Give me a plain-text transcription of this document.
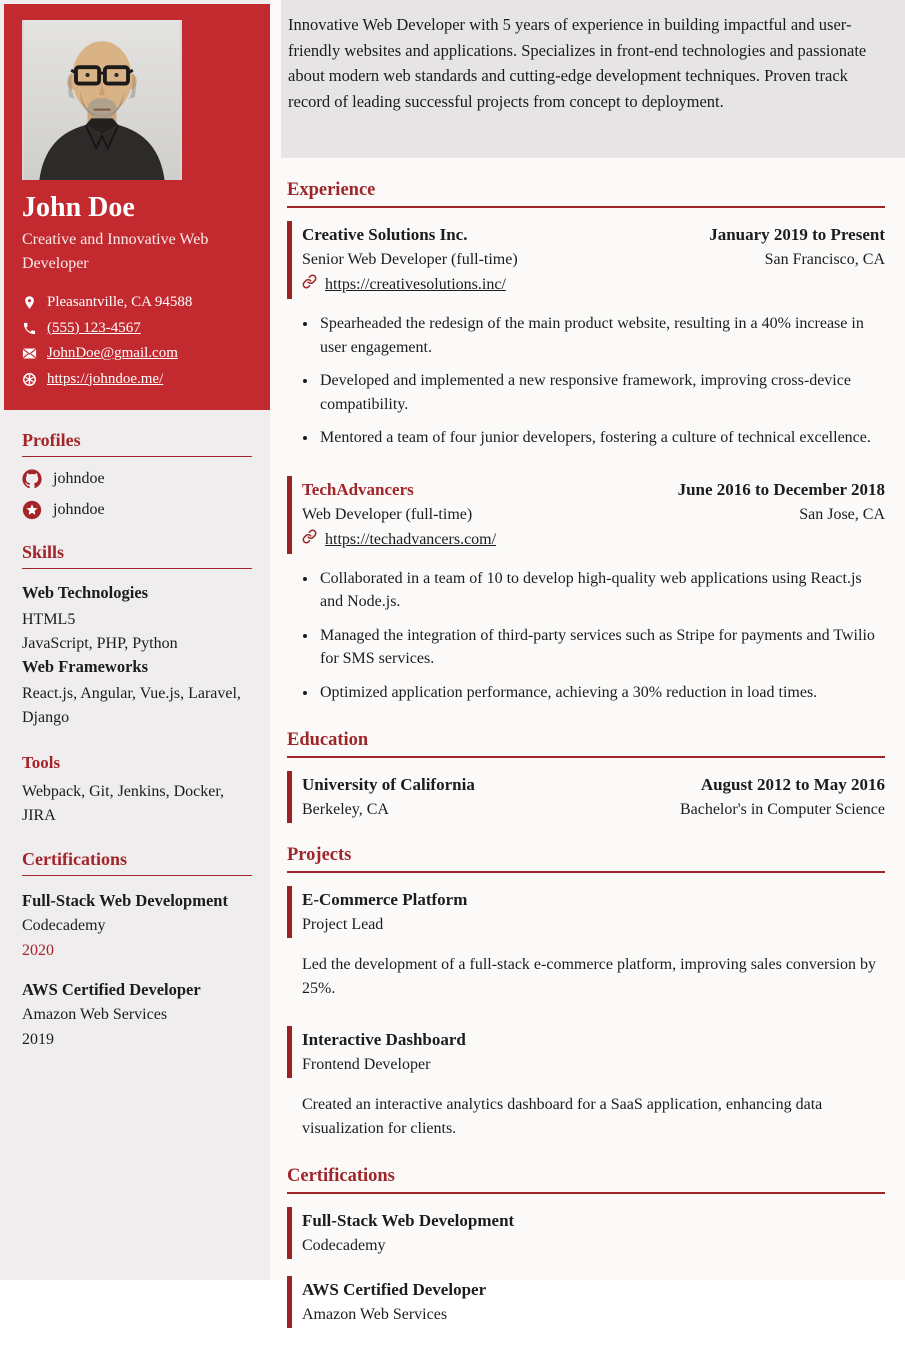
John Doe
Creative and Innovative Web Developer
Pleasantville, CA 94588
(555) 123-4567
JohnDoe@gmail.com
https://johndoe.me/
Profiles
johndoe
johndoe
Skills
Web Technologies
HTML5
JavaScript, PHP, Python
Web Frameworks
React.js, Angular, Vue.js, Laravel, Django
Tools
Webpack, Git, Jenkins, Docker, JIRA
Certifications
Full-Stack Web Development
Codecademy
2020
AWS Certified Developer
Amazon Web Services
2019

Innovative Web Developer with 5 years of experience in building impactful and user-friendly websites and applications. Specializes in front-end technologies and passionate about modern web standards and cutting-edge development techniques. Proven track record of leading successful projects from concept to deployment.

Experience
Creative Solutions Inc.	January 2019 to Present
Senior Web Developer (full-time)	San Francisco, CA
https://creativesolutions.inc/
• Spearheaded the redesign of the main product website, resulting in a 40% increase in user engagement.
• Developed and implemented a new responsive framework, improving cross-device compatibility.
• Mentored a team of four junior developers, fostering a culture of technical excellence.
TechAdvancers	June 2016 to December 2018
Web Developer (full-time)	San Jose, CA
https://techadvancers.com/
• Collaborated in a team of 10 to develop high-quality web applications using React.js and Node.js.
• Managed the integration of third-party services such as Stripe for payments and Twilio for SMS services.
• Optimized application performance, achieving a 30% reduction in load times.
Education
University of California	August 2012 to May 2016
Berkeley, CA	Bachelor's in Computer Science
Projects
E-Commerce Platform
Project Lead

Led the development of a full-stack e-commerce platform, improving sales conversion by 25%.

Interactive Dashboard
Frontend Developer

Created an interactive analytics dashboard for a SaaS application, enhancing data visualization for clients.

Certifications
Full-Stack Web Development
Codecademy
AWS Certified Developer
Amazon Web Services
